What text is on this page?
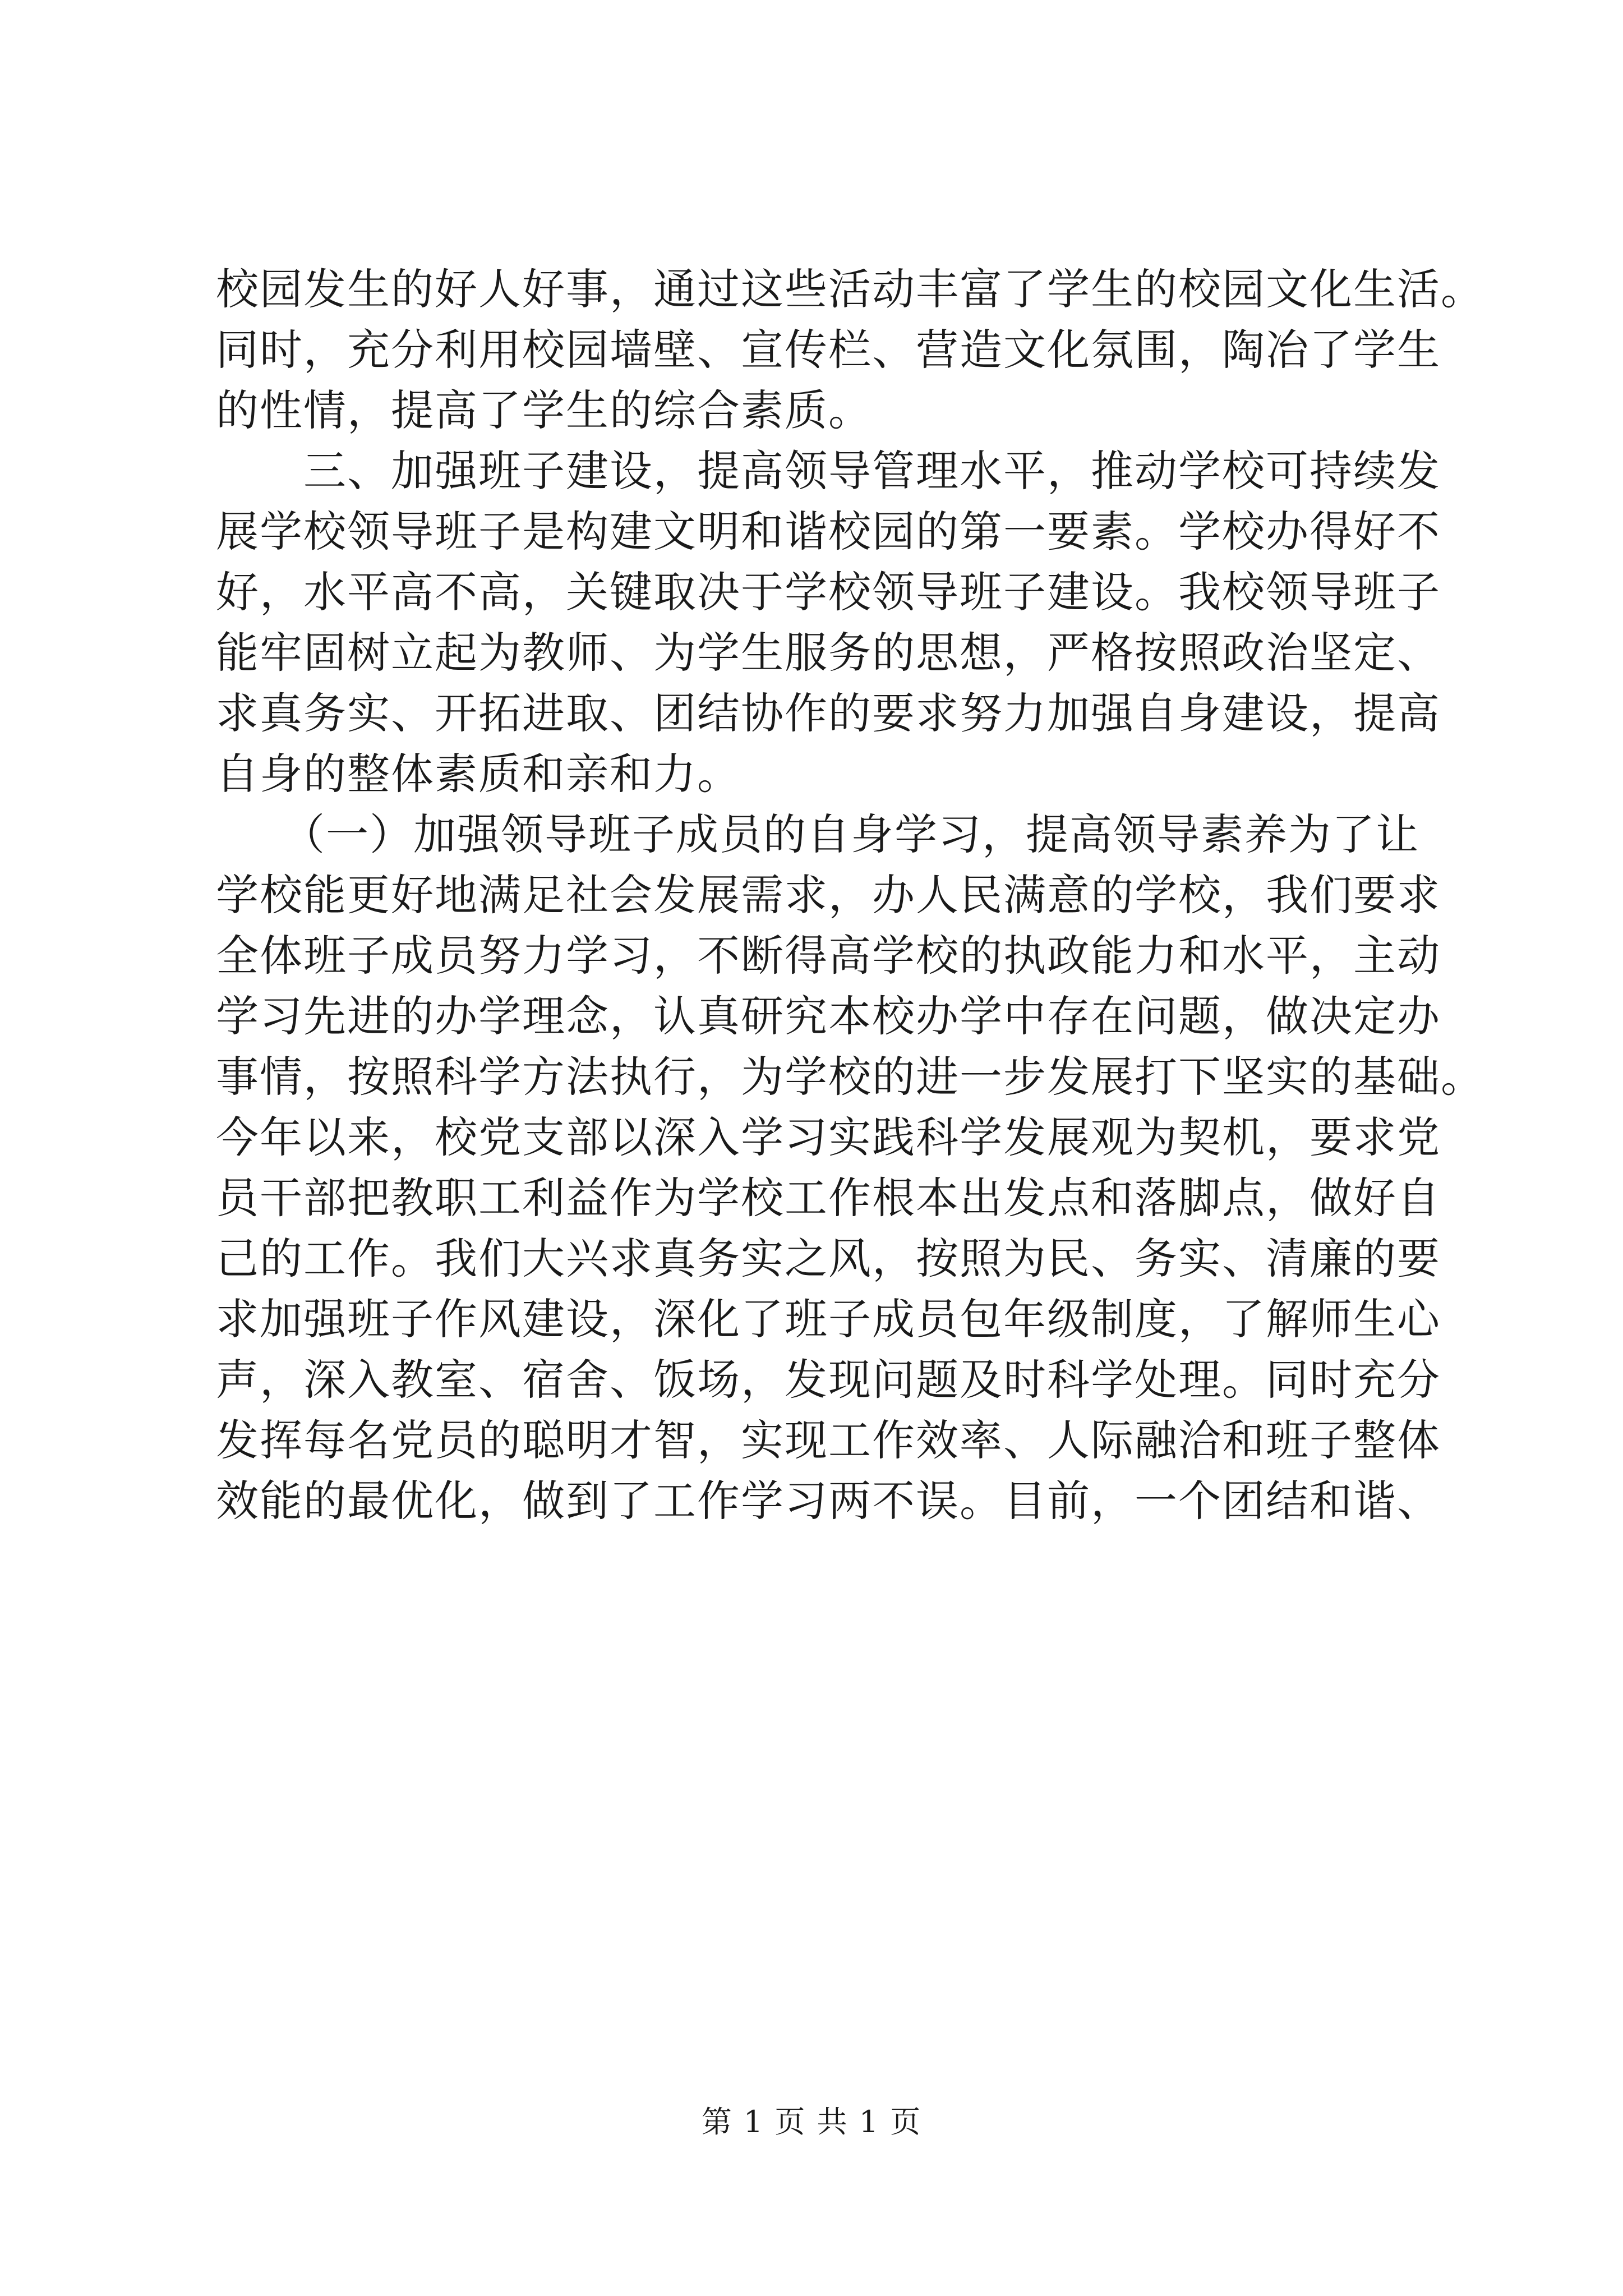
校园发生的好人好事，通过这些活动丰富了学生的校园文化生活。
同时，充分利用校园墙壁、宣传栏、营造文化氛围，陶冶了学生
的性情，提高了学生的综合素质。
　　三、加强班子建设，提高领导管理水平，推动学校可持续发
展学校领导班子是构建文明和谐校园的第一要素。学校办得好不
好，水平高不高，关键取决于学校领导班子建设。我校领导班子
能牢固树立起为教师、为学生服务的思想，严格按照政治坚定、
求真务实、开拓进取、团结协作的要求努力加强自身建设，提高
自身的整体素质和亲和力。
　　（一）加强领导班子成员的自身学习，提高领导素养为了让
学校能更好地满足社会发展需求，办人民满意的学校，我们要求
全体班子成员努力学习，不断得高学校的执政能力和水平，主动
学习先进的办学理念，认真研究本校办学中存在问题，做决定办
事情，按照科学方法执行，为学校的进一步发展打下坚实的基础。
今年以来，校党支部以深入学习实践科学发展观为契机，要求党
员干部把教职工利益作为学校工作根本出发点和落脚点，做好自
己的工作。我们大兴求真务实之风，按照为民、务实、清廉的要
求加强班子作风建设，深化了班子成员包年级制度，了解师生心
声，深入教室、宿舍、饭场，发现问题及时科学处理。同时充分
发挥每名党员的聪明才智，实现工作效率、人际融洽和班子整体
效能的最优化，做到了工作学习两不误。目前，一个团结和谐、
第 1 页 共 1 页
